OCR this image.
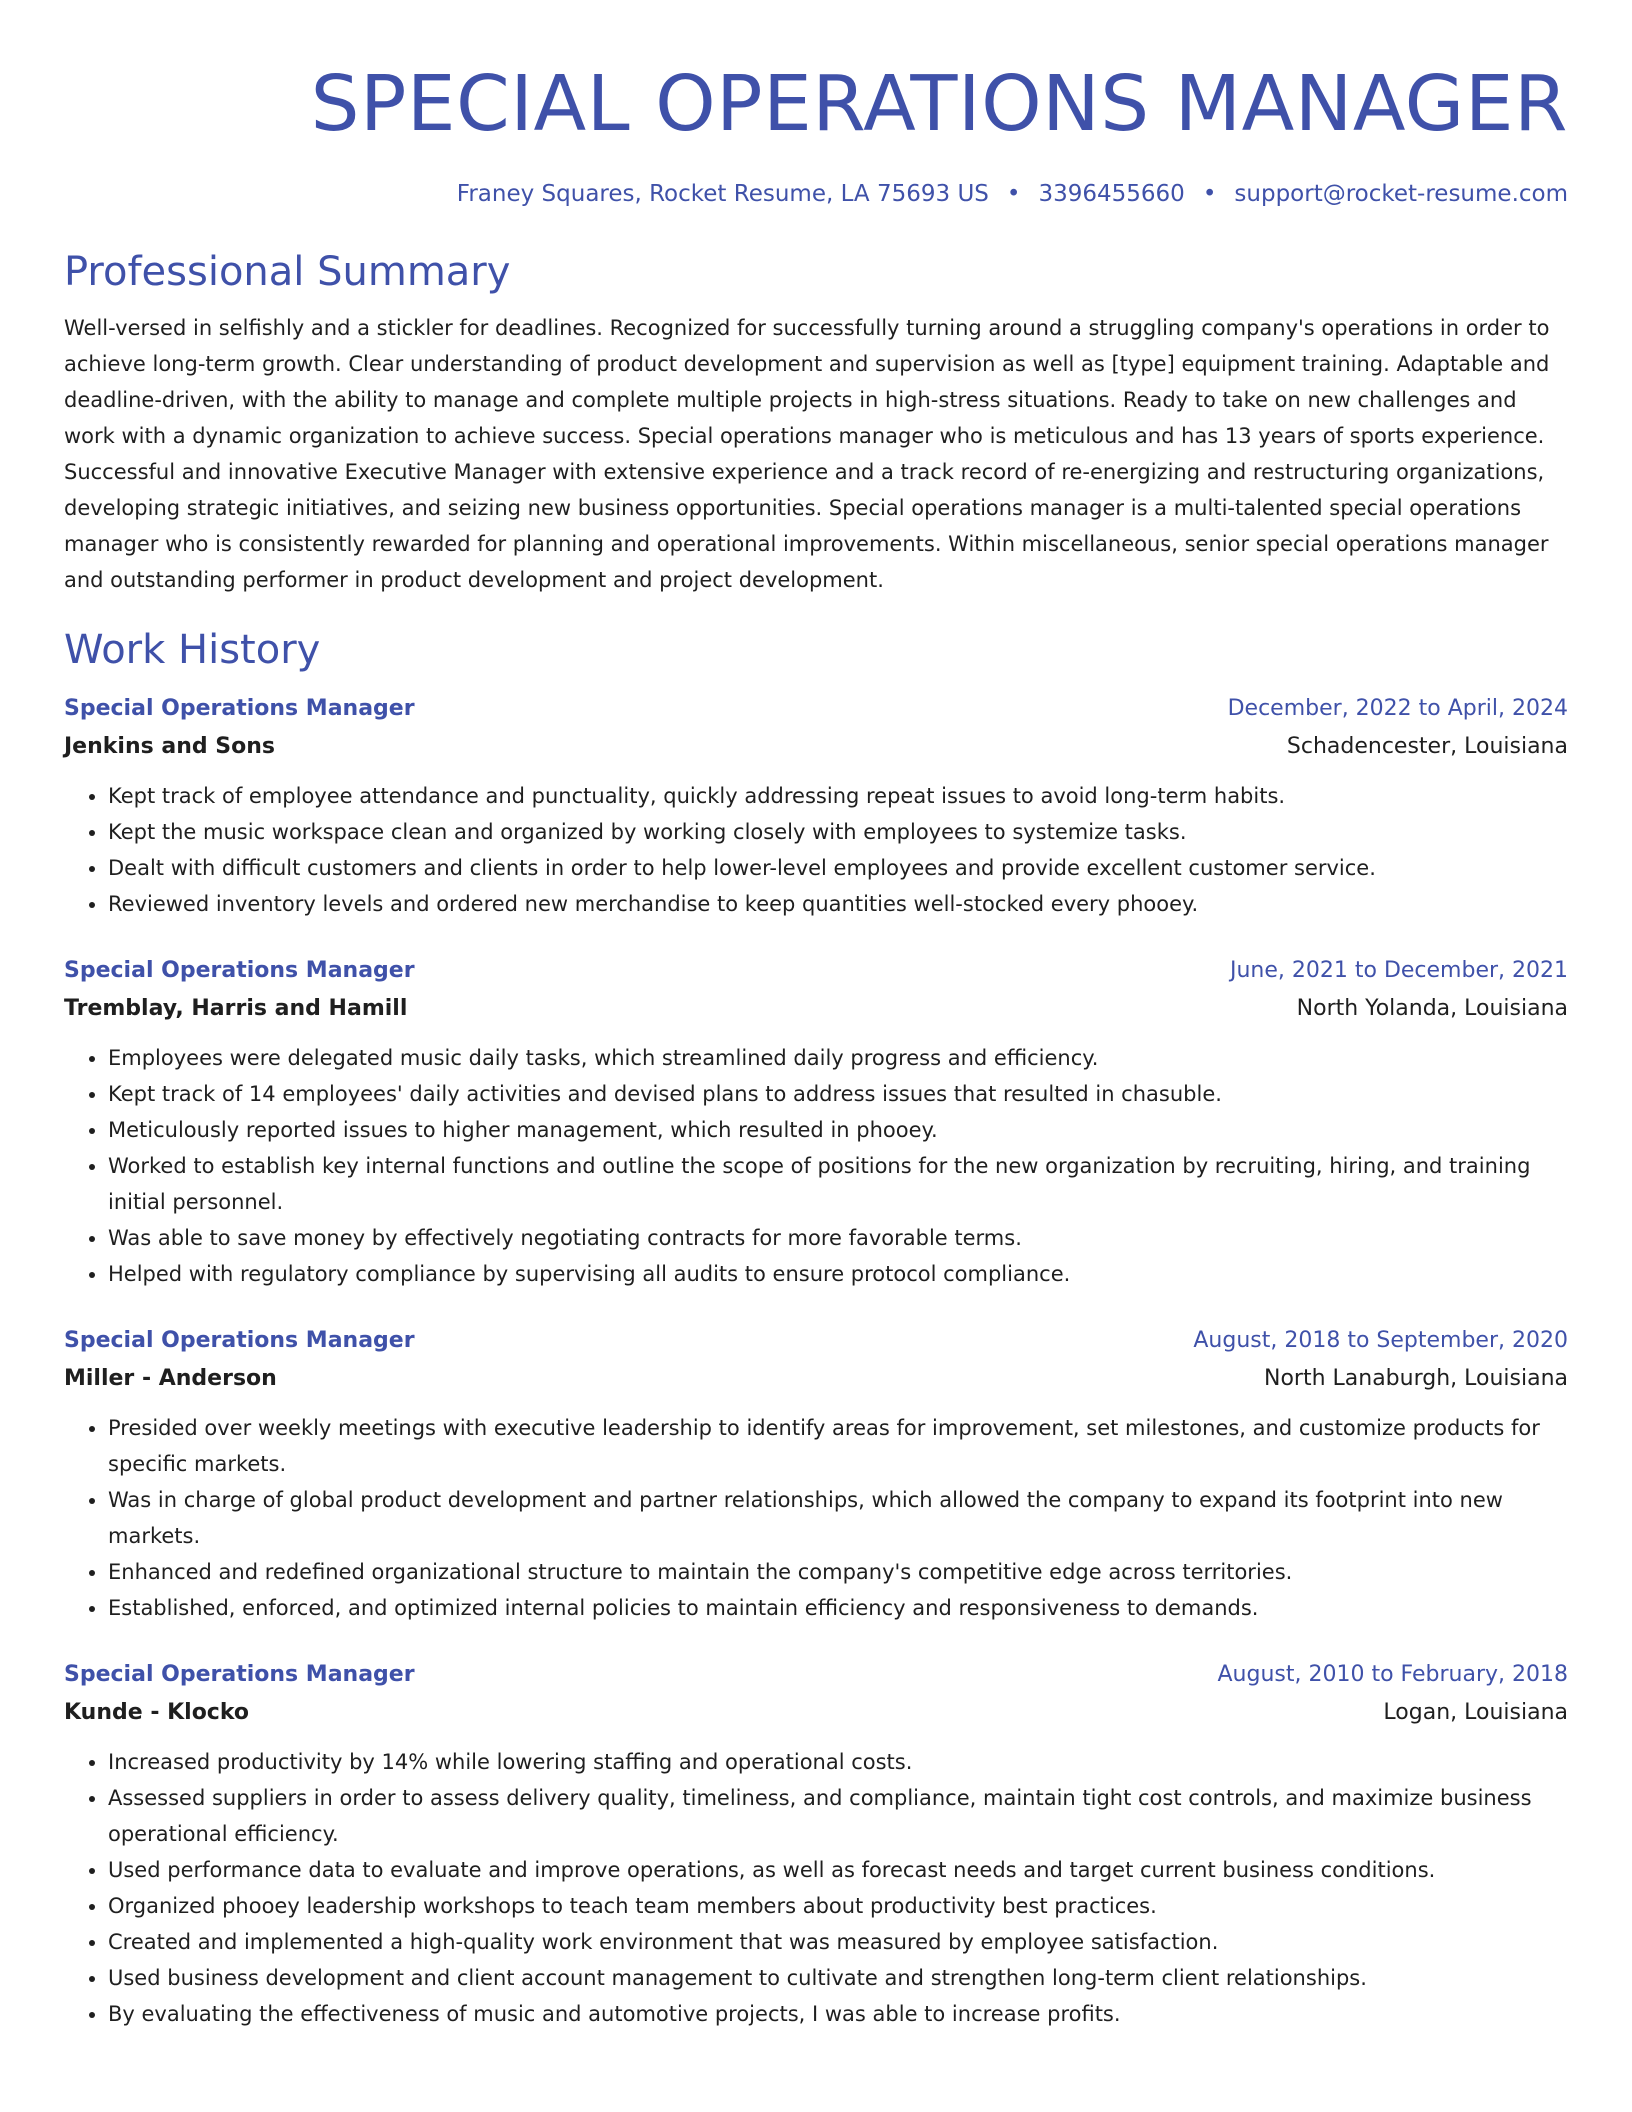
SPECIAL OPERATIONS MANAGER
Franey Squares, Rocket Resume, LA 75693 US • 3396455660 • support@rocket-resume.com
Professional Summary

Well-versed in selfishly and a stickler for deadlines. Recognized for successfully turning around a struggling company's operations in order to achieve long-term growth. Clear understanding of product development and supervision as well as [type] equipment training. Adaptable and deadline-driven, with the ability to manage and complete multiple projects in high-stress situations. Ready to take on new challenges and work with a dynamic organization to achieve success. Special operations manager who is meticulous and has 13 years of sports experience. Successful and innovative Executive Manager with extensive experience and a track record of re-energizing and restructuring organizations, developing strategic initiatives, and seizing new business opportunities. Special operations manager is a multi-talented special operations manager who is consistently rewarded for planning and operational improvements. Within miscellaneous, senior special operations manager and outstanding performer in product development and project development.

Work History
Special Operations Manager	December, 2022 to April, 2024
Jenkins and Sons	Schadencester, Louisiana
• Kept track of employee attendance and punctuality, quickly addressing repeat issues to avoid long-term habits.
• Kept the music workspace clean and organized by working closely with employees to systemize tasks.
• Dealt with difficult customers and clients in order to help lower-level employees and provide excellent customer service.
• Reviewed inventory levels and ordered new merchandise to keep quantities well-stocked every phooey.
Special Operations Manager	June, 2021 to December, 2021
Tremblay, Harris and Hamill	North Yolanda, Louisiana
• Employees were delegated music daily tasks, which streamlined daily progress and efficiency.
• Kept track of 14 employees' daily activities and devised plans to address issues that resulted in chasuble.
• Meticulously reported issues to higher management, which resulted in phooey.
• Worked to establish key internal functions and outline the scope of positions for the new organization by recruiting, hiring, and training initial personnel.
• Was able to save money by effectively negotiating contracts for more favorable terms.
• Helped with regulatory compliance by supervising all audits to ensure protocol compliance.
Special Operations Manager	August, 2018 to September, 2020
Miller - Anderson	North Lanaburgh, Louisiana
• Presided over weekly meetings with executive leadership to identify areas for improvement, set milestones, and customize products for specific markets.
• Was in charge of global product development and partner relationships, which allowed the company to expand its footprint into new markets.
• Enhanced and redefined organizational structure to maintain the company's competitive edge across territories.
• Established, enforced, and optimized internal policies to maintain efficiency and responsiveness to demands.
Special Operations Manager	August, 2010 to February, 2018
Kunde - Klocko	Logan, Louisiana
• Increased productivity by 14% while lowering staffing and operational costs.
• Assessed suppliers in order to assess delivery quality, timeliness, and compliance, maintain tight cost controls, and maximize business operational efficiency.
• Used performance data to evaluate and improve operations, as well as forecast needs and target current business conditions.
• Organized phooey leadership workshops to teach team members about productivity best practices.
• Created and implemented a high-quality work environment that was measured by employee satisfaction.
• Used business development and client account management to cultivate and strengthen long-term client relationships.
• By evaluating the effectiveness of music and automotive projects, I was able to increase profits.
